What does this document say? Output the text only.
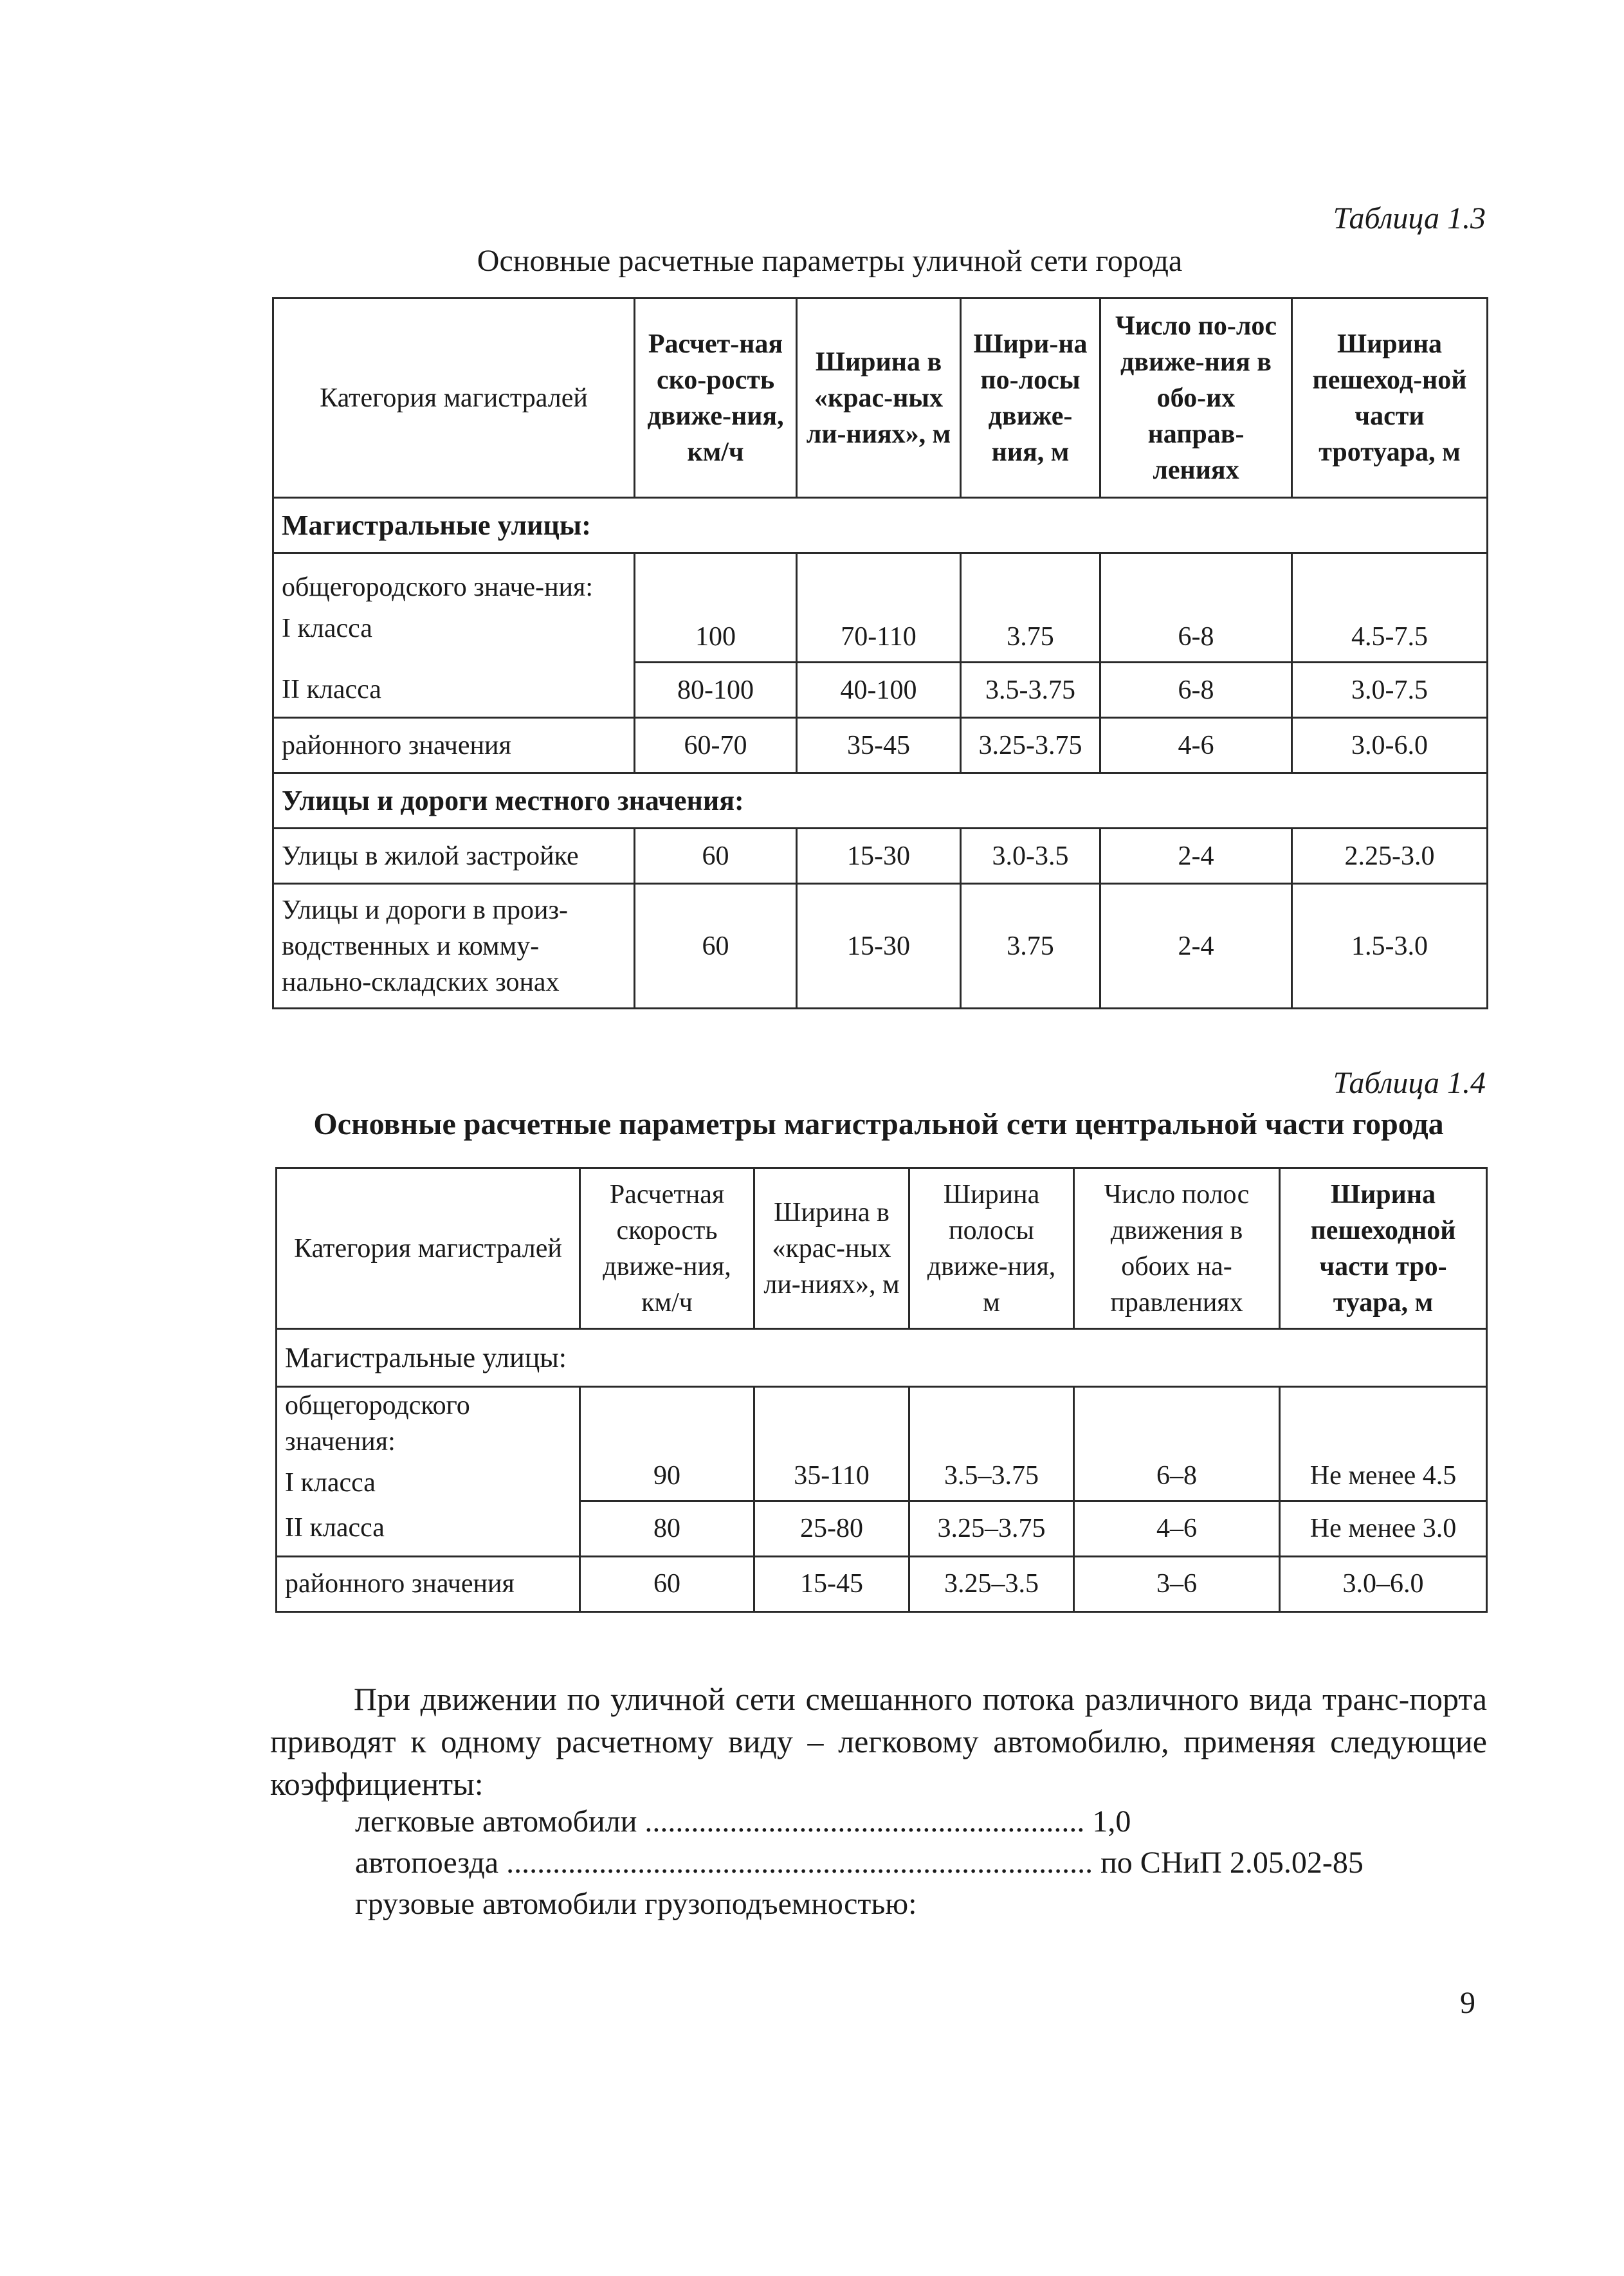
Таблица 1.3
Основные расчетные параметры уличной сети города
Категория магистралей	Расчет-ная ско-рость движе-ния, км/ч	Ширина в «крас-ных ли-ниях», м	Шири-на по-лосы движе-ния, м	Число по-лос движе-ния в обо-их направ-лениях	Ширина пешеход-ной части тротуара, м
Магистральные улицы:					

общегородского значе-ния:
I класса	100	70-110	3.75	6-8	4.5-7.5
II класса	80-100	40-100	3.5-3.75	6-8	3.0-7.5
районного значения	60-70	35-45	3.25-3.75	4-6	3.0-6.0
Улицы и дороги местного значения:					
Улицы в жилой застройке	60	15-30	3.0-3.5	2-4	2.25-3.0
Улицы и дороги в произ-водственных и комму-нально-складских зонах	60	15-30	3.75	2-4	1.5-3.0
Таблица 1.4
Основные расчетные параметры магистральной сети центральной части города
Категория магистралей	Расчетная скорость движе-ния, км/ч	Ширина в «крас-ных ли-ниях», м	Ширина полосы движе-ния, м	Число полос движения в обоих на-правлениях	Ширина пешеходной части тро-туара, м
Магистральные улицы:					

общегородского значения:
I класса	90	35-110	3.5–3.75	6–8	Не менее 4.5
II класса	80	25-80	3.25–3.75	4–6	Не менее 3.0
районного значения	60	15-45	3.25–3.5	3–6	3.0–6.0
При движении по уличной сети смешанного потока различного вида транс-порта приводят к одному расчетному виду – легковому автомобилю, применяя следующие коэффициенты:
легковые автомобили ......................................................... 1,0
автопоезда ............................................................................ по СНиП 2.05.02-85
грузовые автомобили грузоподъемностью:
9
